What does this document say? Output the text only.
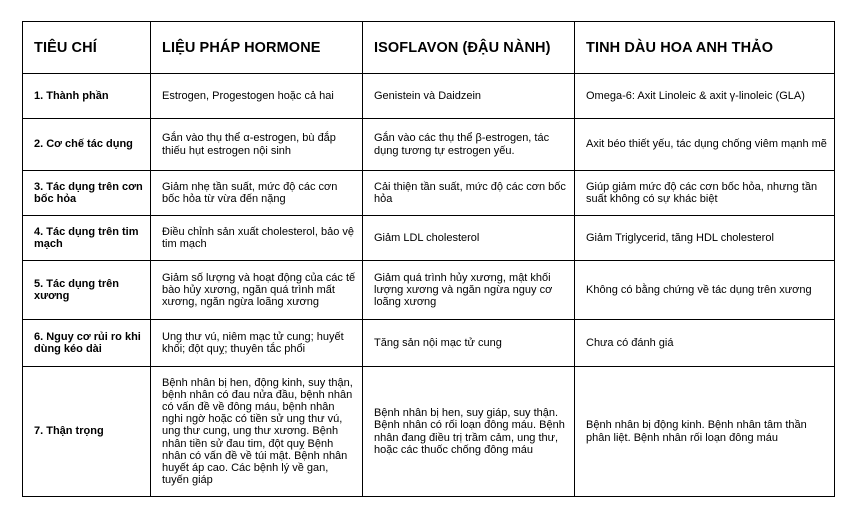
TIÊU CHÍ	LIỆU PHÁP HORMONE	ISOFLAVON (ĐẬU NÀNH)	TINH DÀU HOA ANH THẢO
1. Thành phần	Estrogen, Progestogen hoặc cả hai	Genistein và Daidzein	Omega-6: Axit Linoleic & axit γ-linoleic (GLA)
2. Cơ chế tác dụng	Gắn vào thụ thể α-estrogen, bù đắp thiếu hụt estrogen nội sinh	Gắn vào các thụ thể β-estrogen, tác dụng tương tự estrogen yếu.	Axit béo thiết yếu, tác dụng chống viêm mạnh mẽ
3. Tác dụng trên cơn bốc hỏa	Giảm nhẹ tần suất, mức độ các cơn bốc hỏa từ vừa đến nặng	Cải thiện tần suất, mức độ các cơn bốc hỏa	Giúp giảm mức độ các cơn bốc hỏa, nhưng tần suất không có sự khác biệt
4. Tác dụng trên tim mạch	Điều chỉnh sản xuất cholesterol, bảo vệ tim mạch	Giảm LDL cholesterol	Giảm Triglycerid, tăng HDL cholesterol
5. Tác dụng trên xương	Giảm số lượng và hoạt động của các tế bào hủy xương, ngăn quá trình mất xương, ngăn ngừa loãng xương	Giảm quá trình hủy xương, mật khối lượng xương và ngăn ngừa nguy cơ loãng xương	Không có bằng chứng về tác dụng trên xương
6. Nguy cơ rủi ro khi dùng kéo dài	Ung thư vú, niêm mạc tử cung; huyết khối; đột quỵ; thuyên tắc phổi	Tăng sản nội mạc tử cung	Chưa có đánh giá
7. Thận trọng	Bệnh nhân bị hen, động kinh, suy thận, bệnh nhân có đau nửa đầu, bệnh nhân có vấn đề về đông máu, bệnh nhân nghi ngờ hoặc có tiền sử ung thư vú, ung thư cung, ung thư xương. Bệnh nhân tiền sử đau tim, đột quỵ Bệnh nhân có vấn đề về túi mật. Bệnh nhân huyết áp cao. Các bệnh lý về gan, tuyến giáp	Bệnh nhân bị hen, suy giáp, suy thận. Bệnh nhân có rối loạn đông máu. Bệnh nhân đang điều trị trầm cảm, ung thư, hoặc các thuốc chống đông máu	Bệnh nhân bị động kinh. Bệnh nhân tâm thần phân liệt. Bệnh nhân rối loạn đông máu
